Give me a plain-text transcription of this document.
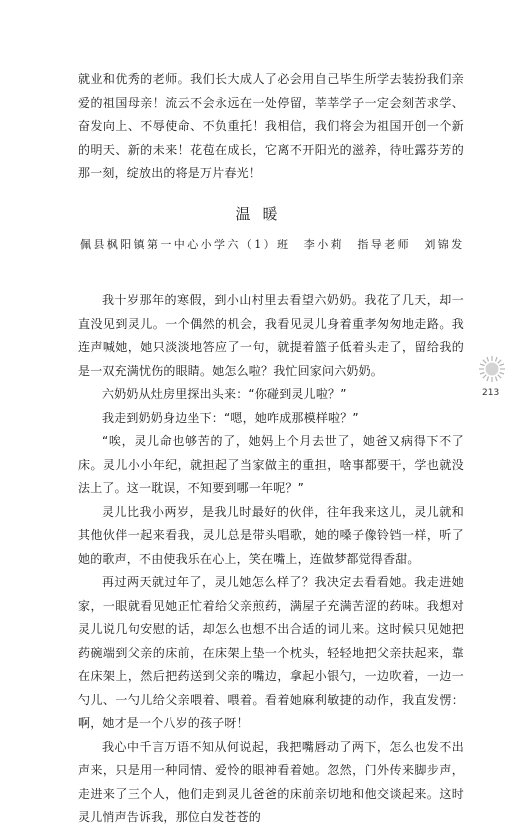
就业和优秀的老师。我们长大成人了必会用自己毕生所学去装扮我们亲爱的祖国母亲！流云不会永远在一处停留，莘莘学子一定会刻苦求学、奋发向上、不辱使命、不负重托！我相信，我们将会为祖国开创一个新的明天、新的未来！花苞在成长，它离不开阳光的滋养，待吐露芬芳的那一刻，绽放出的将是万片春光！

温暖
佩县枫阳镇第一中心小学六（1）班　李小莉　指导老师　刘锦发

我十岁那年的寒假，到小山村里去看望六奶奶。我花了几天，却一直没见到灵儿。一个偶然的机会，我看见灵儿身着重孝匆匆地走路。我连声喊她，她只淡淡地答应了一句，就提着篮子低着头走了，留给我的是一双充满忧伤的眼睛。她怎么啦？我忙回家问六奶奶。

六奶奶从灶房里探出头来：“你碰到灵儿啦？”

我走到奶奶身边坐下：“嗯，她咋成那模样啦？”

“唉，灵儿命也够苦的了，她妈上个月去世了，她爸又病得下不了床。灵儿小小年纪，就担起了当家做主的重担，啥事都要干，学也就没法上了。这一耽误，不知要到哪一年呢？”

灵儿比我小两岁，是我儿时最好的伙伴，往年我来这儿，灵儿就和其他伙伴一起来看我，灵儿总是带头唱歌，她的嗓子像铃铛一样，听了她的歌声，不由使我乐在心上，笑在嘴上，连做梦都觉得香甜。

再过两天就过年了，灵儿她怎么样了？我决定去看看她。我走进她家，一眼就看见她正忙着给父亲煎药，满屋子充满苦涩的药味。我想对灵儿说几句安慰的话，却怎么也想不出合适的词儿来。这时候只见她把药碗端到父亲的床前，在床架上垫一个枕头，轻轻地把父亲扶起来，靠在床架上，然后把药送到父亲的嘴边，拿起小银勺，一边吹着，一边一勺儿、一勺儿给父亲喂着、喂着。看着她麻利敏捷的动作，我直发愣：啊，她才是一个八岁的孩子呀！

我心中千言万语不知从何说起，我把嘴唇动了两下，怎么也发不出声来，只是用一种同情、爱怜的眼神看着她。忽然，门外传来脚步声，走进来了三个人，他们走到灵儿爸爸的床前亲切地和他交谈起来。这时灵儿悄声告诉我，那位白发苍苍的

213
